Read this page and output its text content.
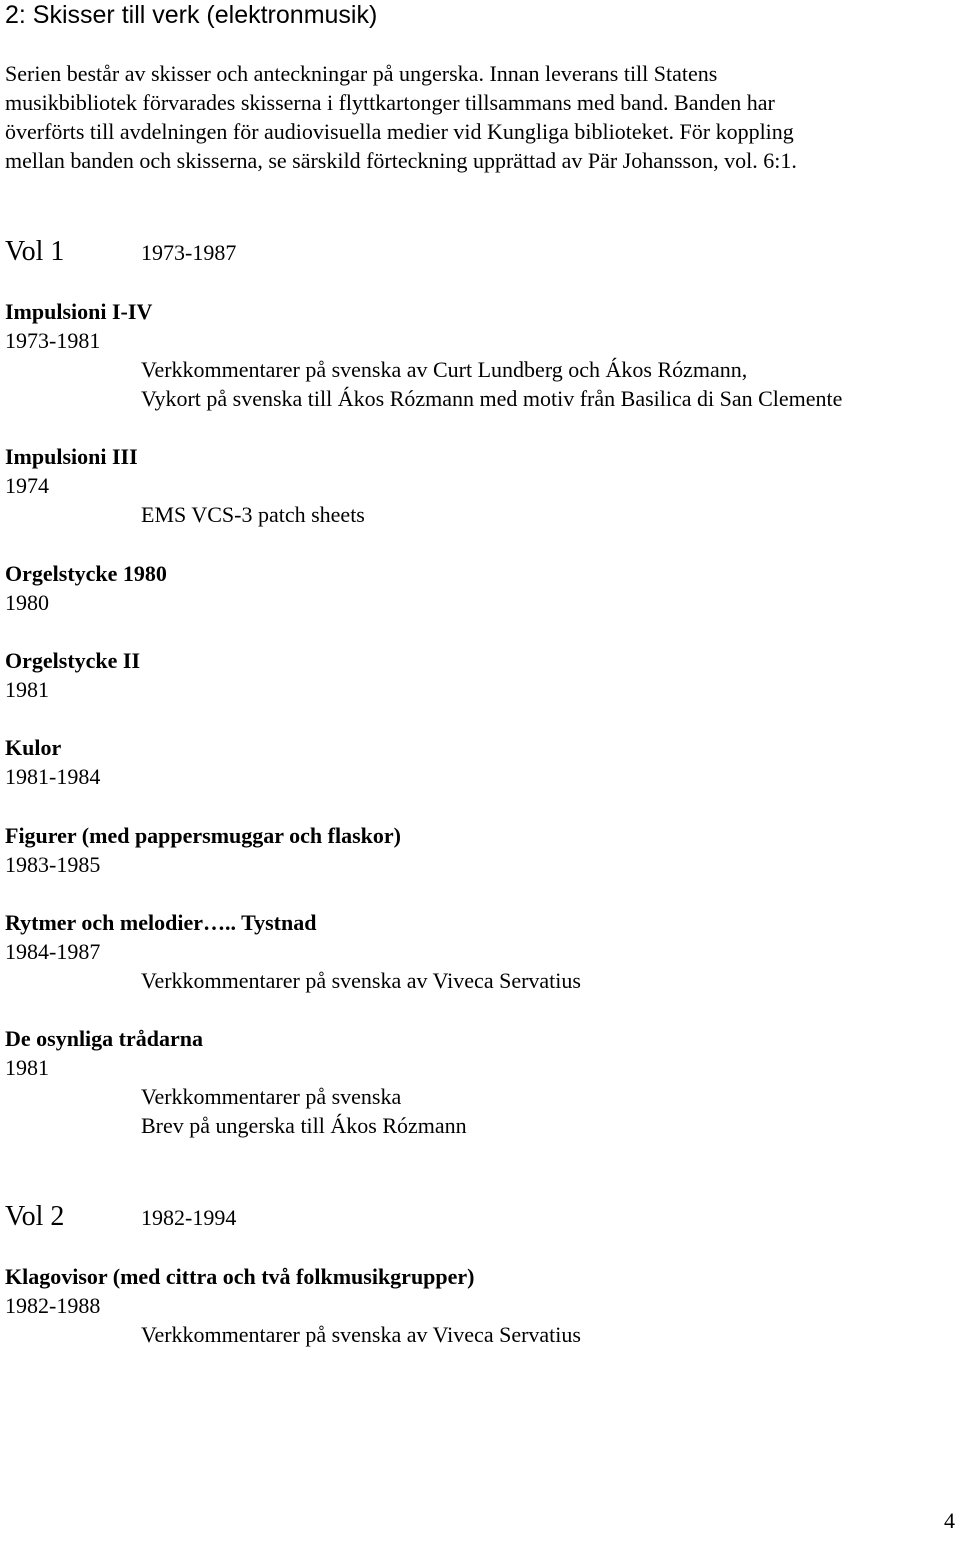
2: Skisser till verk (elektronmusik)
Serien består av skisser och anteckningar på ungerska. Innan leverans till Statens
musikbibliotek förvarades skisserna i flyttkartonger tillsammans med band. Banden har
överförts till avdelningen för audiovisuella medier vid Kungliga biblioteket. För koppling
mellan banden och skisserna, se särskild förteckning upprättad av Pär Johansson, vol. 6:1.
Vol 1	1973-1987
Impulsioni I-IV
1973-1981
Verkkommentarer på svenska av Curt Lundberg och Ákos Rózmann,
Vykort på svenska till Ákos Rózmann med motiv från Basilica di San Clemente
Impulsioni III
1974
EMS VCS-3 patch sheets
Orgelstycke 1980
1980
Orgelstycke II
1981
Kulor
1981-1984
Figurer (med pappersmuggar och flaskor)
1983-1985
Rytmer och melodier….. Tystnad
1984-1987
Verkkommentarer på svenska av Viveca Servatius
De osynliga trådarna
1981
Verkkommentarer på svenska
Brev på ungerska till Ákos Rózmann
Vol 2	1982-1994
Klagovisor (med cittra och två folkmusikgrupper)
1982-1988
Verkkommentarer på svenska av Viveca Servatius
4
